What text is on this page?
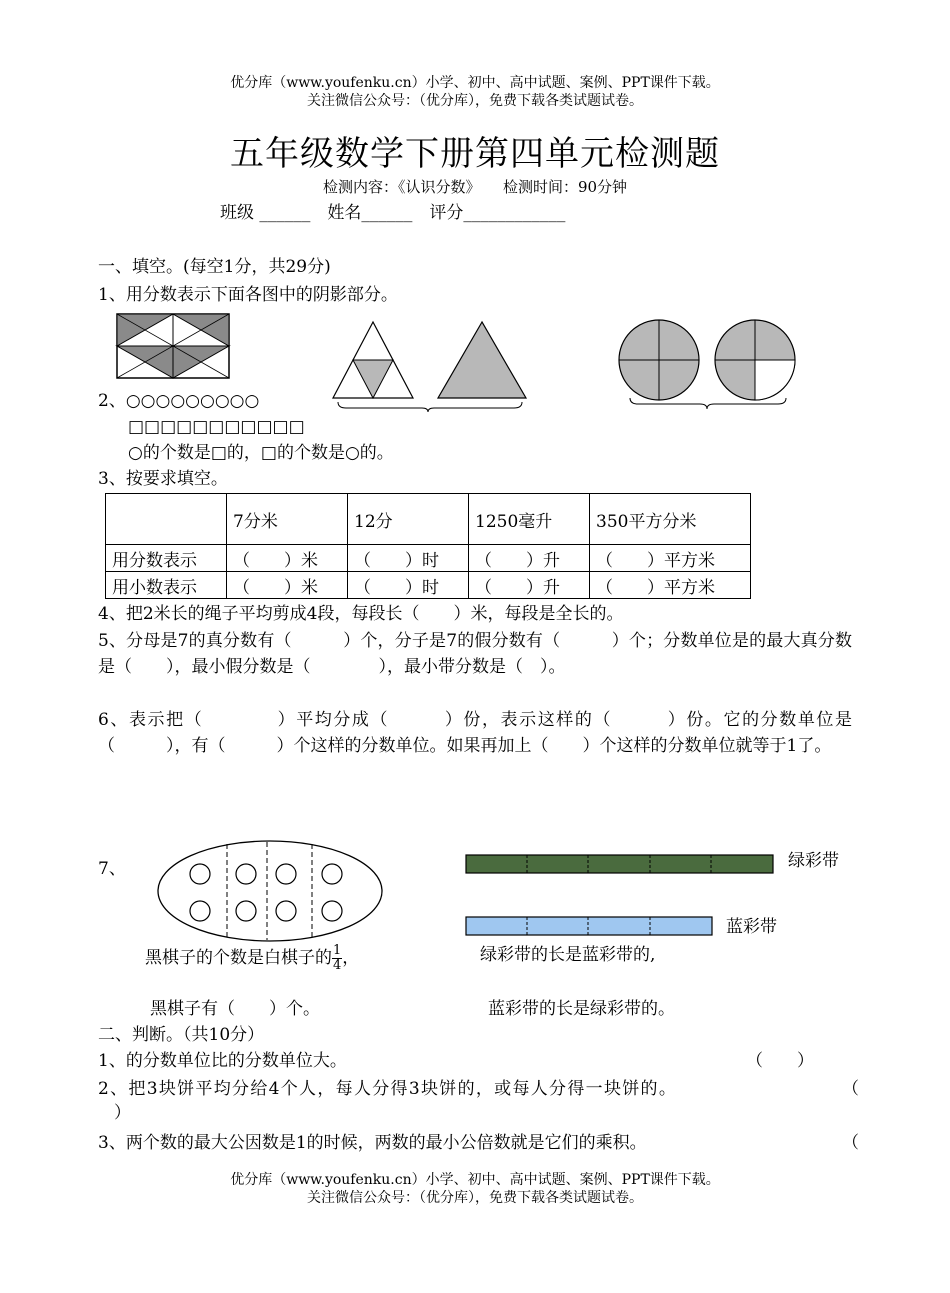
优分库（www.youfenku.cn）小学、初中、高中试题、案例、PPT课件下载。
关注微信公众号：（优分库），免费下载各类试题试卷。
五年级数学下册第四单元检测题
检测内容：《认识分数》　　检测时间：90分钟
班级 ______　姓名______　评分____________
一、填空。(每空1分，共29分)
1、用分数表示下面各图中的阴影部分。
2、○○○○○○○○○
□□□□□□□□□□□
○的个数是□的，□的个数是○的。
3、按要求填空。
	7分米	12分	1250毫升	350平方分米
用分数表示	（　　）米	（　　）时	（　　）升	（　　）平方米
用小数表示	（　　）米	（　　）时	（　　）升	（　　）平方米
4、把2米长的绳子平均剪成4段，每段长（　　）米，每段是全长的。
5、分母是7的真分数有（　　　）个，分子是7的假分数有（　　　）个；分数单位是的最大真分数是（　　），最小假分数是（　　　　），最小带分数是（　）。
6、表示把（　　　　）平均分成（　　　）份，表示这样的（　　　）份。它的分数单位是（　　　），有（　　　）个这样的分数单位。如果再加上（　　）个这样的分数单位就等于1了。
7、	绿彩带
蓝彩带
黑棋子的个数是白棋子的 $\frac{1}{4}$ ，	绿彩带的长是蓝彩带的,
黑棋子有（　　）个。	蓝彩带的长是绿彩带的。
二、判断。（共10分）
1、的分数单位比的分数单位大。	（　　）
2、把3块饼平均分给4个人，每人分得3块饼的，或每人分得一块饼的。	（
）
3、两个数的最大公因数是1的时候，两数的最小公倍数就是它们的乘积。	（
优分库（www.youfenku.cn）小学、初中、高中试题、案例、PPT课件下载。
关注微信公众号：（优分库），免费下载各类试题试卷。
